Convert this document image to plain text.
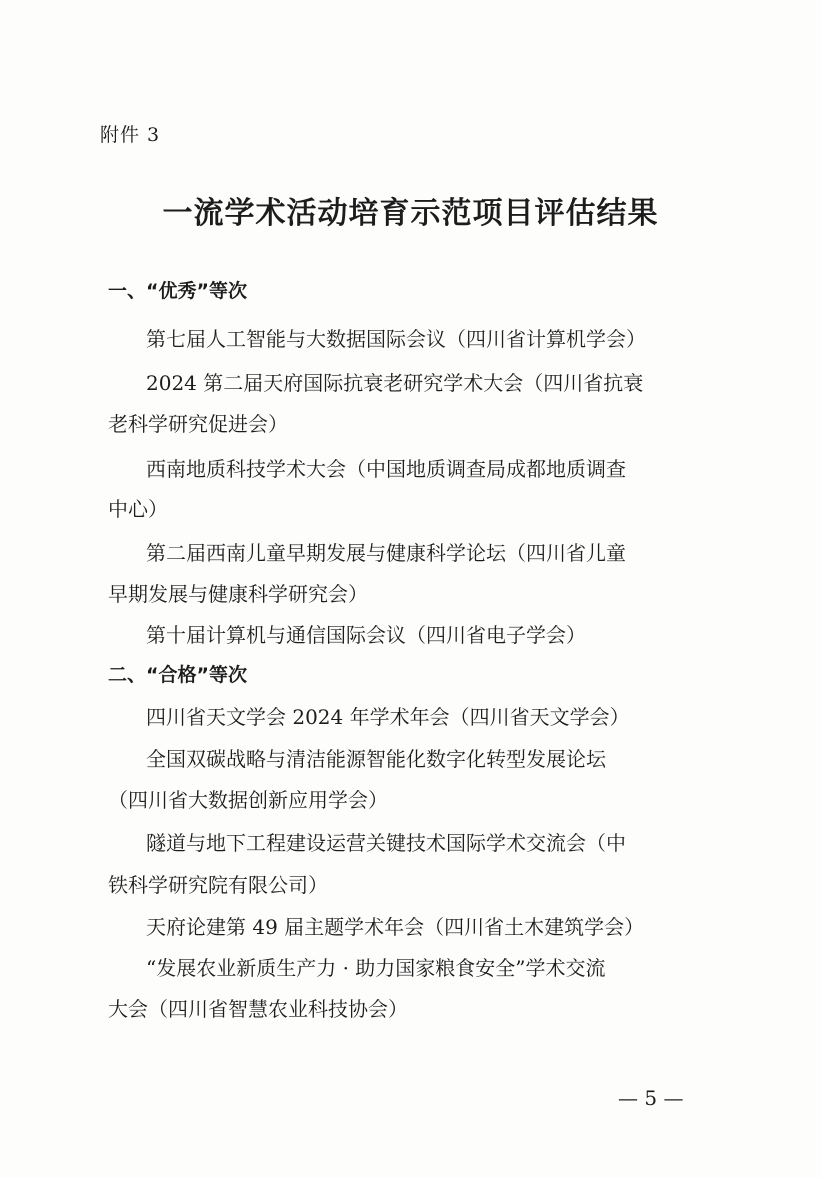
附件 3
一流学术活动培育示范项目评估结果
一、“优秀”等次
第七届人工智能与大数据国际会议（四川省计算机学会）
2024 第二届天府国际抗衰老研究学术大会（四川省抗衰
老科学研究促进会）
西南地质科技学术大会（中国地质调查局成都地质调查
中心）
第二届西南儿童早期发展与健康科学论坛（四川省儿童
早期发展与健康科学研究会）
第十届计算机与通信国际会议（四川省电子学会）
二、“合格”等次
四川省天文学会 2024 年学术年会（四川省天文学会）
全国双碳战略与清洁能源智能化数字化转型发展论坛
（四川省大数据创新应用学会）
隧道与地下工程建设运营关键技术国际学术交流会（中
铁科学研究院有限公司）
天府论建第 49 届主题学术年会（四川省土木建筑学会）
“发展农业新质生产力 · 助力国家粮食安全”学术交流
大会（四川省智慧农业科技协会）
— 5 —
